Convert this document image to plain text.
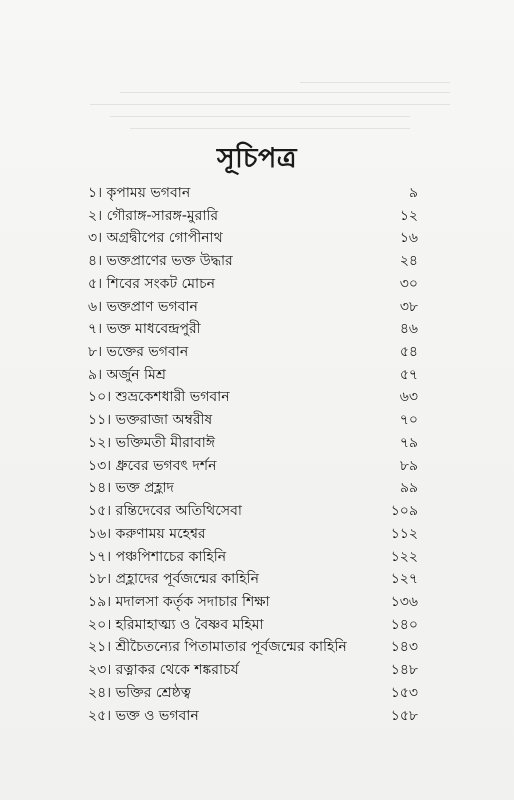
সূচিপত্র
১। কৃপাময় ভগবান	৯
২। গৌরাঙ্গ-সারঙ্গ-মুরারি	১২
৩। অগ্রদ্বীপের গোপীনাথ	১৬
৪। ভক্তপ্রাণের ভক্ত উদ্ধার	২৪
৫। শিবের সংকট মোচন	৩০
৬। ভক্তপ্রাণ ভগবান	৩৮
৭। ভক্ত মাধবেন্দ্রপুরী	৪৬
৮। ভক্তের ভগবান	৫৪
৯। অর্জুন মিশ্র	৫৭
১০। শুভ্রকেশধারী ভগবান	৬৩
১১। ভক্তরাজা অম্বরীষ	৭০
১২। ভক্তিমতী মীরাবাঈ	৭৯
১৩। ধ্রুবের ভগবৎ দর্শন	৮৯
১৪। ভক্ত প্রহ্লাদ	৯৯
১৫। রন্তিদেবের অতিথিসেবা	১০৯
১৬। করুণাময় মহেশ্বর	১১২
১৭। পঞ্চপিশাচের কাহিনি	১২২
১৮। প্রহ্লাদের পূর্বজন্মের কাহিনি	১২৭
১৯। মদালসা কর্তৃক সদাচার শিক্ষা	১৩৬
২০। হরিমাহাত্ম্য ও বৈষ্ণব মহিমা	১৪০
২১। শ্রীচৈতন্যের পিতামাতার পূর্বজন্মের কাহিনি	১৪৩
২৩। রত্নাকর থেকে শঙ্করাচর্য	১৪৮
২৪। ভক্তির শ্রেষ্ঠত্ব	১৫৩
২৫। ভক্ত ও ভগবান	১৫৮
